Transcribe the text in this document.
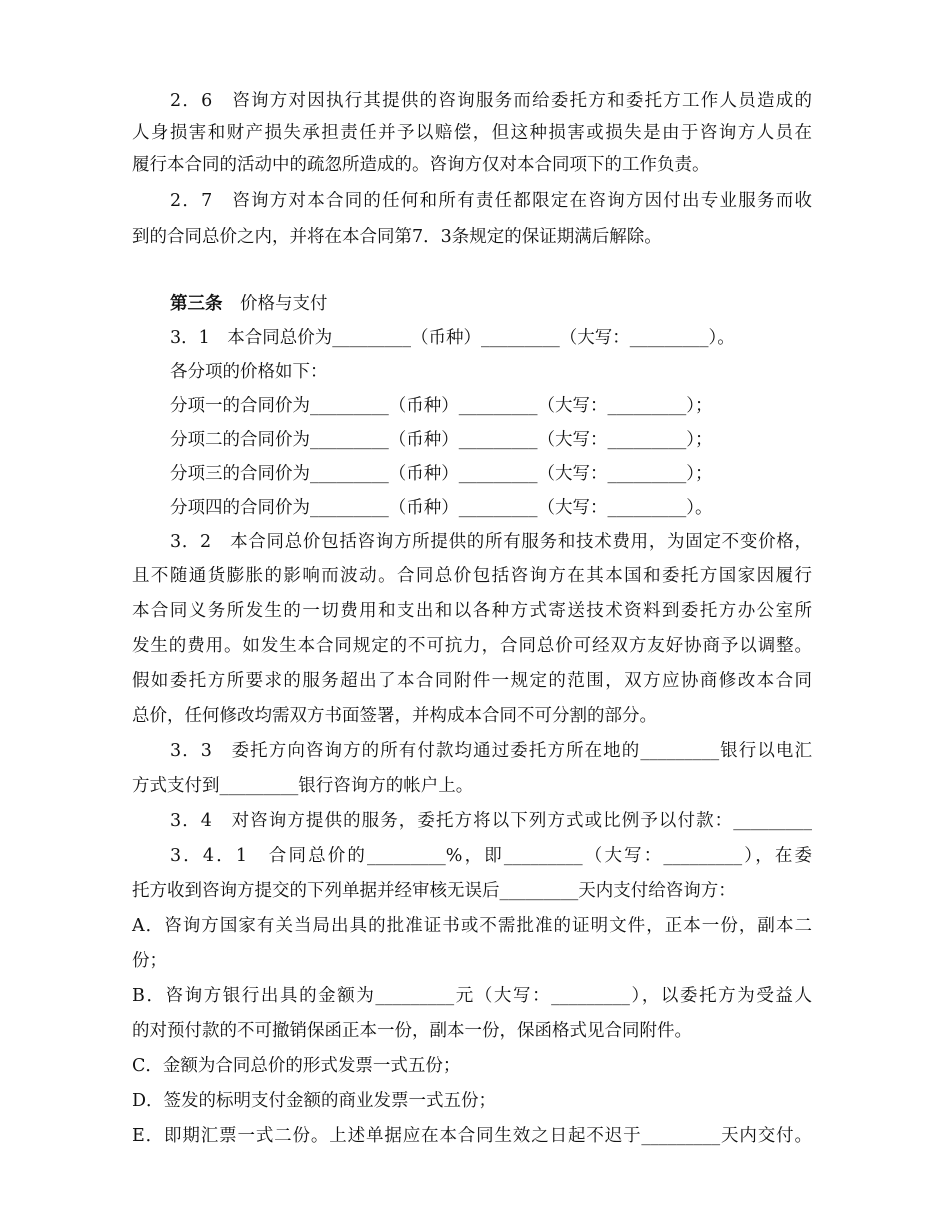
2．6　咨询方对因执行其提供的咨询服务而给委托方和委托方工作人员造成的
人身损害和财产损失承担责任并予以赔偿，但这种损害或损失是由于咨询方人员在
履行本合同的活动中的疏忽所造成的。咨询方仅对本合同项下的工作负责。
2．7　咨询方对本合同的任何和所有责任都限定在咨询方因付出专业服务而收
到的合同总价之内，并将在本合同第7．3条规定的保证期满后解除。
第三条  价格与支付
3．1　本合同总价为_________（币种）_________（大写：_________）。
各分项的价格如下：
分项一的合同价为_________（币种）_________（大写：_________）；
分项二的合同价为_________（币种）_________（大写：_________）；
分项三的合同价为_________（币种）_________（大写：_________）；
分项四的合同价为_________（币种）_________（大写：_________）。
3．2　本合同总价包括咨询方所提供的所有服务和技术费用，为固定不变价格，
且不随通货膨胀的影响而波动。合同总价包括咨询方在其本国和委托方国家因履行
本合同义务所发生的一切费用和支出和以各种方式寄送技术资料到委托方办公室所
发生的费用。如发生本合同规定的不可抗力，合同总价可经双方友好协商予以调整。
假如委托方所要求的服务超出了本合同附件一规定的范围，双方应协商修改本合同
总价，任何修改均需双方书面签署，并构成本合同不可分割的部分。
3．3　委托方向咨询方的所有付款均通过委托方所在地的_________银行以电汇
方式支付到_________银行咨询方的帐户上。
3．4　对咨询方提供的服务，委托方将以下列方式或比例予以付款：_________
3．4．1　合同总价的_________%，即_________（大写：_________），在委
托方收到咨询方提交的下列单据并经审核无误后_________天内支付给咨询方：
A．咨询方国家有关当局出具的批准证书或不需批准的证明文件，正本一份，副本二
份；
B．咨询方银行出具的金额为_________元（大写：_________），以委托方为受益人
的对预付款的不可撤销保函正本一份，副本一份，保函格式见合同附件。
C．金额为合同总价的形式发票一式五份；
D．签发的标明支付金额的商业发票一式五份；
E．即期汇票一式二份。上述单据应在本合同生效之日起不迟于_________天内交付。
